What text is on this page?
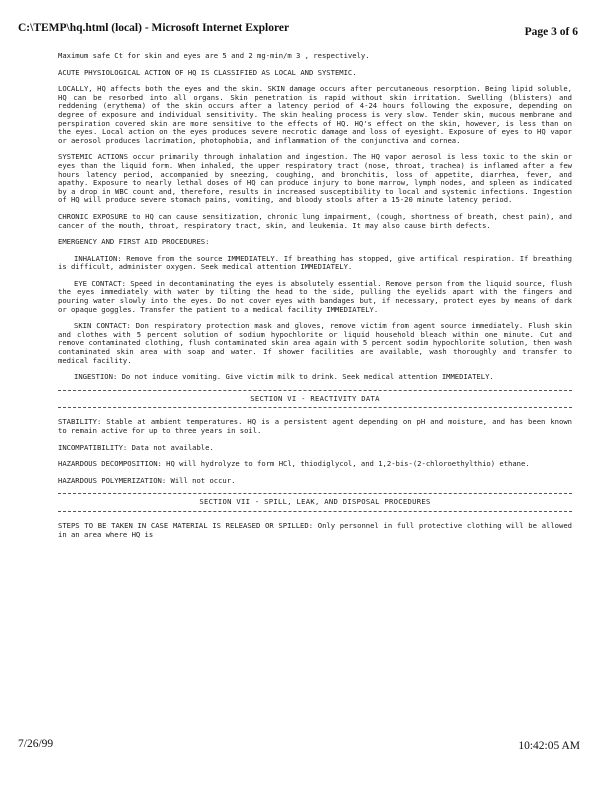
C:\TEMP\hq.html (local) - Microsoft Internet Explorer	Page 3 of 6

Maximum safe Ct for skin and eyes are 5 and 2 mg-min/m 3 , respectively.

ACUTE PHYSIOLOGICAL ACTION OF HQ IS CLASSIFIED AS LOCAL AND SYSTEMIC.

LOCALLY, HQ affects both the eyes and the skin. SKIN damage occurs after percutaneous resorption. Being lipid soluble, HQ can be resorbed into all organs. Skin penetration is rapid without skin irritation. Swelling (blisters) and reddening (erythema) of the skin occurs after a latency period of 4-24 hours following the exposure, depending on degree of exposure and individual sensitivity. The skin healing process is very slow. Tender skin, mucous membrane and perspiration covered skin are more sensitive to the effects of HQ. HQ's effect on the skin, however, is less than on the eyes. Local action on the eyes produces severe necrotic damage and loss of eyesight. Exposure of eyes to HQ vapor or aerosol produces lacrimation, photophobia, and inflammation of the conjunctiva and cornea.

SYSTEMIC ACTIONS occur primarily through inhalation and ingestion. The HQ vapor aerosol is less toxic to the skin or eyes than the liquid form. When inhaled, the upper respiratory tract (nose, throat, trachea) is inflamed after a few hours latency period, accompanied by sneezing, coughing, and bronchitis, loss of appetite, diarrhea, fever, and apathy. Exposure to nearly lethal doses of HQ can produce injury to bone marrow, lymph nodes, and spleen as indicated by a drop in WBC count and, therefore, results in increased susceptibility to local and systemic infections. Ingestion of HQ will produce severe stomach pains, vomiting, and bloody stools after a 15-20 minute latency period.

CHRONIC EXPOSURE to HQ can cause sensitization, chronic lung impairment, (cough, shortness of breath, chest pain), and cancer of the mouth, throat, respiratory tract, skin, and leukemia. It may also cause birth defects.

EMERGENCY AND FIRST AID PROCEDURES:

INHALATION: Remove from the source IMMEDIATELY. If breathing has stopped, give artifical respiration. If breathing is difficult, administer oxygen. Seek medical attention IMMEDIATELY.

EYE CONTACT: Speed in decontaminating the eyes is absolutely essential. Remove person from the liquid source, flush the eyes immediately with water by tilting the head to the side, pulling the eyelids apart with the fingers and pouring water slowly into the eyes. Do not cover eyes with bandages but, if necessary, protect eyes by means of dark or opaque goggles. Transfer the patient to a medical facility IMMEDIATELY.

SKIN CONTACT: Don respiratory protection mask and gloves, remove victim from agent source immediately. Flush skin and clothes with 5 percent solution of sodium hypochlorite or liquid household bleach within one minute. Cut and remove contaminated clothing, flush contaminated skin area again with 5 percent sodim hypochlorite solution, then wash contaminated skin area with soap and water. If shower facilities are available, wash thoroughly and transfer to medical facility.

INGESTION: Do not induce vomiting. Give victim milk to drink. Seek medical attention IMMEDIATELY.

SECTION VI - REACTIVITY DATA

STABILITY: Stable at ambient temperatures. HQ is a persistent agent depending on pH and moisture, and has been known to remain active for up to three years in soil.

INCOMPATIBILITY: Data not available.

HAZARDOUS DECOMPOSITION: HQ will hydrolyze to form HCl, thiodiglycol, and 1,2-bis-(2-chloroethylthio) ethane.

HAZARDOUS POLYMERIZATION: Will not occur.

SECTION VII - SPILL, LEAK, AND DISPOSAL PROCEDURES

STEPS TO BE TAKEN IN CASE MATERIAL IS RELEASED OR SPILLED: Only personnel in full protective clothing will be allowed in an area where HQ is

7/26/99	10:42:05 AM
